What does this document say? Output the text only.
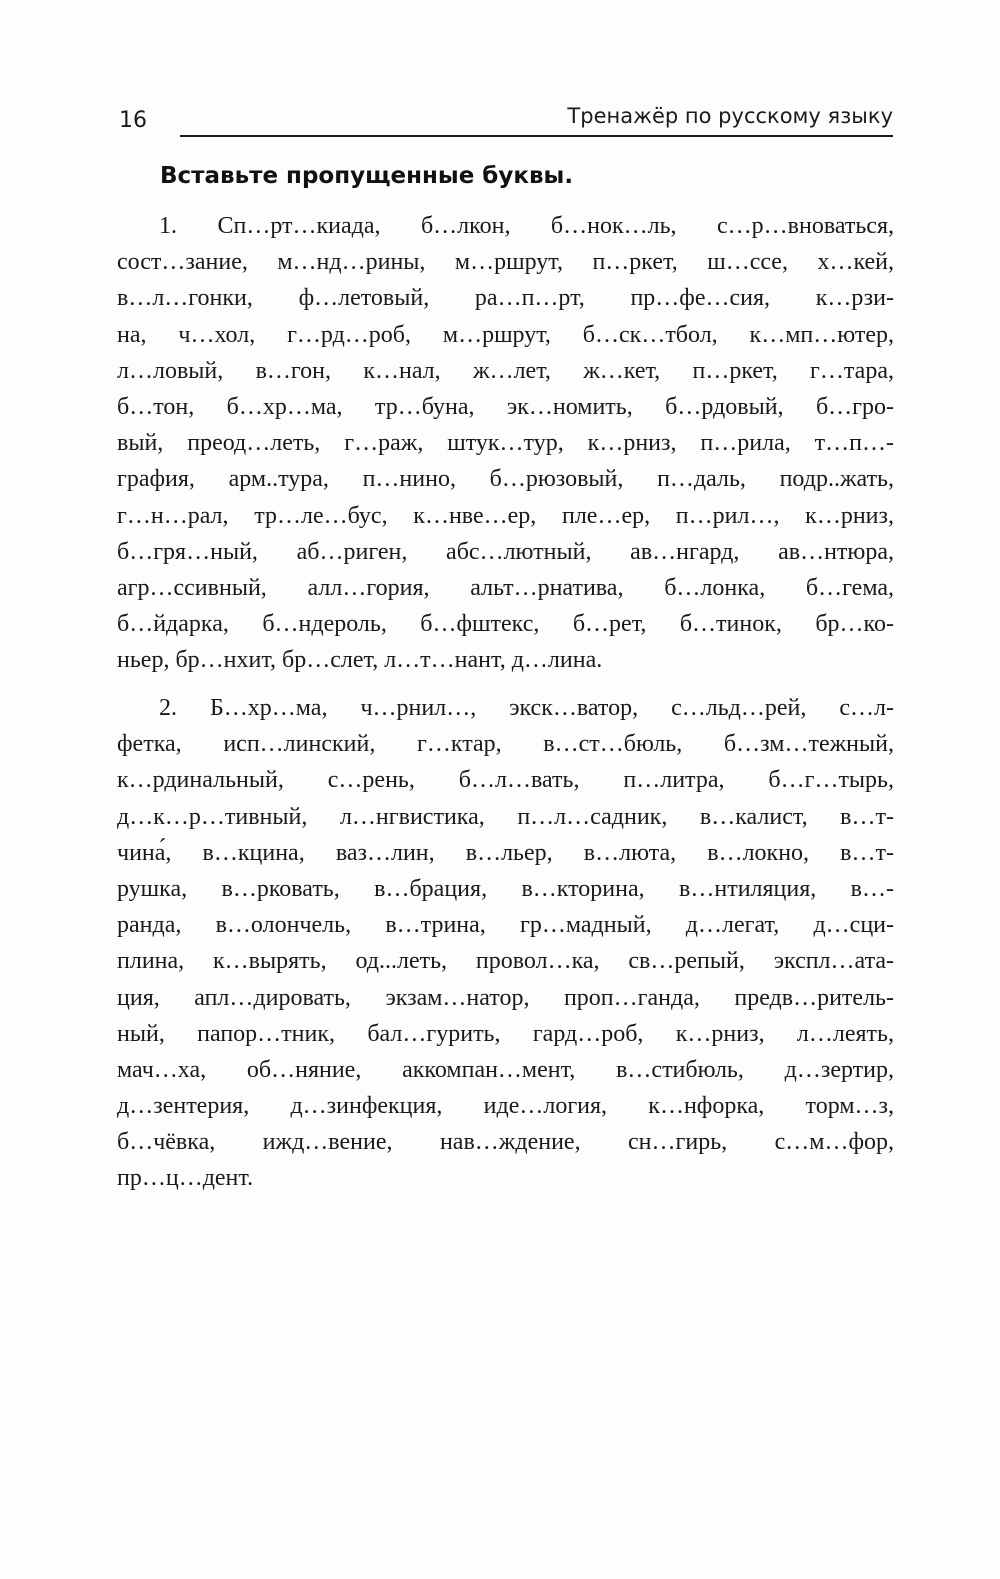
16	Тренажёр по русскому языку
Вставьте пропущенные буквы.
1. Сп…рт…киада, б…лкон, б…нок…ль, с…р…вноваться,
сост…зание, м…нд…рины, м…ршрут, п…ркет, ш…ссе, х…кей,
в…л…гонки, ф…летовый, ра…п…рт, пр…фе…сия, к…рзи-
на, ч…хол, г…рд…роб, м…ршрут, б…ск…тбол, к…мп…ютер,
л…ловый, в…гон, к…нал, ж…лет, ж…кет, п…ркет, г…тара,
б…тон, б…хр…ма, тр…буна, эк…номить, б…рдовый, б…гро-
вый, преод…леть, г…раж, штук…тур, к…рниз, п…рила, т…п…-
графия, арм..тура, п…нино, б…рюзовый, п…даль, подр..жать,
г…н…рал, тр…ле…бус, к…нве…ер, пле…ер, п…рил…, к…рниз,
б…гря…ный, аб…риген, абс…лютный, ав…нгард, ав…нтюра,
агр…ссивный, алл…гория, альт…рнатива, б…лонка, б…гема,
б…йдарка, б…ндероль, б…фштекс, б…рет, б…тинок, бр…ко-
ньер, бр…нхит, бр…слет, л…т…нант, д…лина.
2. Б…хр…ма, ч…рнил…, экск…ватор, с…льд…рей, с…л-
фетка, исп…линский, г…ктар, в…ст…бюль, б…зм…тежный,
к…рдинальный, с…рень, б…л…вать, п…литра, б…г…тырь,
д…к…р…тивный, л…нгвистика, п…л…садник, в…калист, в…т-
чина́, в…кцина, ваз…лин, в…льер, в…люта, в…локно, в…т-
рушка, в…рковать, в…брация, в…кторина, в…нтиляция, в…-
ранда, в…олончель, в…трина, гр…мадный, д…легат, д…сци-
плина, к…вырять, од...леть, провол…ка, св…репый, экспл…ата-
ция, апл…дировать, экзам…натор, проп…ганда, предв…ритель-
ный, папор…тник, бал…гурить, гард…роб, к…рниз, л…леять,
мач…ха, об…няние, аккомпан…мент, в…стибюль, д…зертир,
д…зентерия, д…зинфекция, иде…логия, к…нфорка, торм…з,
б…чёвка, ижд…вение, нав…ждение, сн…гирь, с…м…фор,
пр…ц…дент.
